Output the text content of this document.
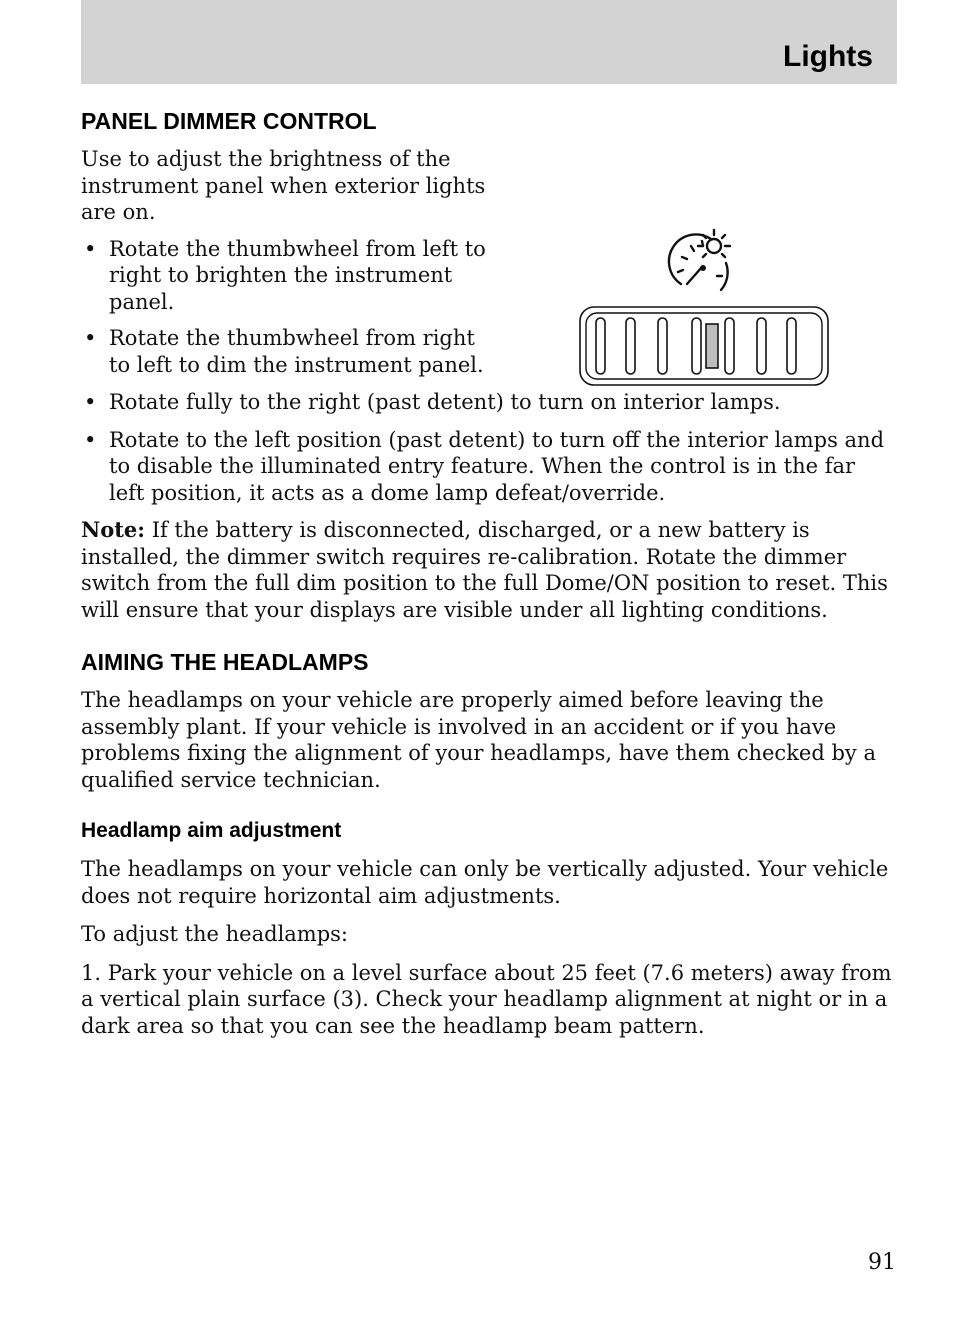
Lights
PANEL DIMMER CONTROL

Use to adjust the brightness of the instrument panel when exterior lights are on.

• Rotate the thumbwheel from left to right to brighten the instrument panel.
• Rotate the thumbwheel from right to left to dim the instrument panel.
• Rotate fully to the right (past detent) to turn on interior lamps.
• Rotate to the left position (past detent) to turn off the interior lamps and to disable the illuminated entry feature. When the control is in the far left position, it acts as a dome lamp defeat/override.

Note: If the battery is disconnected, discharged, or a new battery is installed, the dimmer switch requires re-calibration. Rotate the dimmer switch from the full dim position to the full Dome/ON position to reset. This will ensure that your displays are visible under all lighting conditions.

AIMING THE HEADLAMPS

The headlamps on your vehicle are properly aimed before leaving the assembly plant. If your vehicle is involved in an accident or if you have problems fixing the alignment of your headlamps, have them checked by a qualified service technician.

Headlamp aim adjustment

The headlamps on your vehicle can only be vertically adjusted. Your vehicle does not require horizontal aim adjustments.

To adjust the headlamps:

1. Park your vehicle on a level surface about 25 feet (7.6 meters) away from a vertical plain surface (3). Check your headlamp alignment at night or in a dark area so that you can see the headlamp beam pattern.

91
